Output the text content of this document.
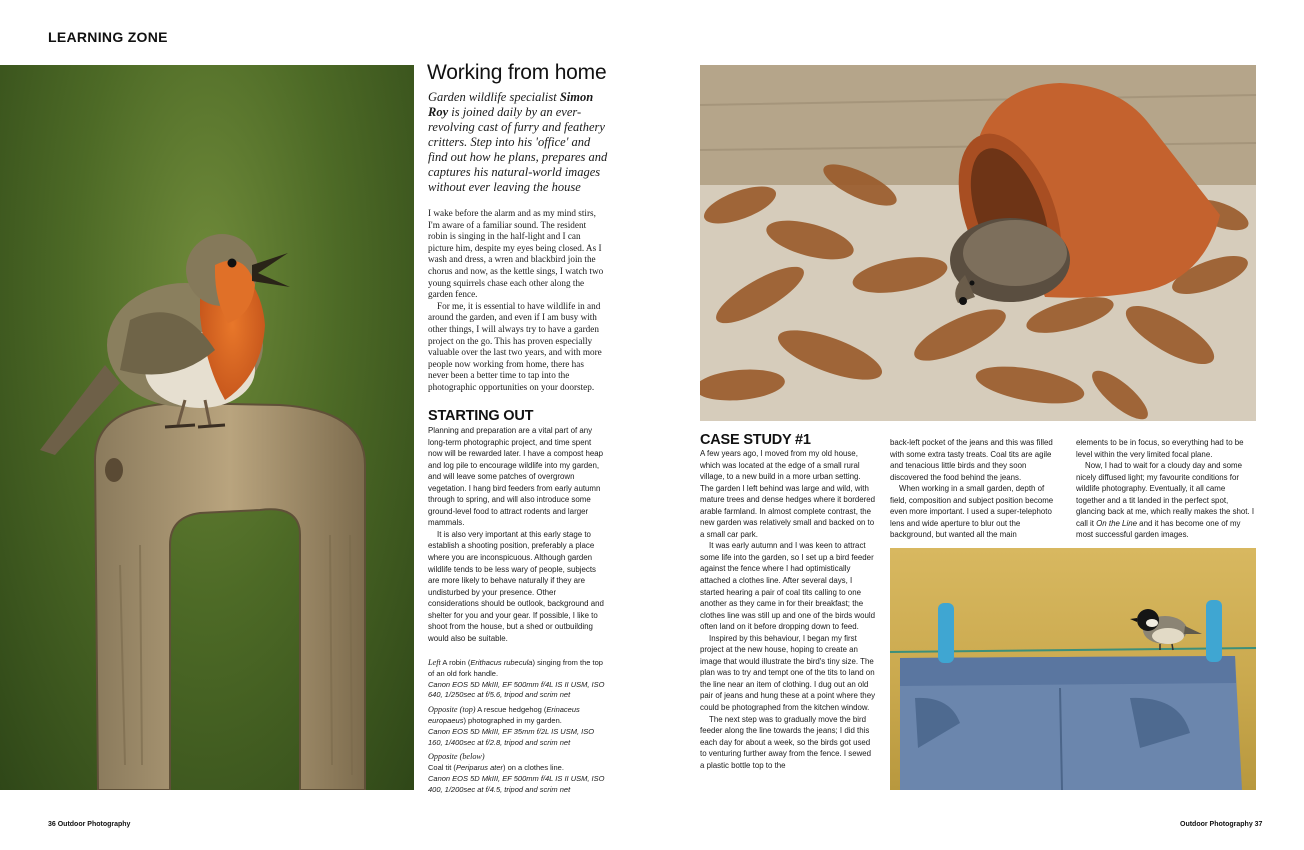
LEARNING ZONE
Working from home
Garden wildlife specialist Simon Roy is joined daily by an ever-revolving cast of furry and feathery critters. Step into his 'office' and find out how he plans, prepares and captures his natural-world images without ever leaving the house

I wake before the alarm and as my mind stirs, I'm aware of a familiar sound. The resident robin is singing in the half-light and I can picture him, despite my eyes being closed. As I wash and dress, a wren and blackbird join the chorus and now, as the kettle sings, I watch two young squirrels chase each other along the garden fence.

For me, it is essential to have wildlife in and around the garden, and even if I am busy with other things, I will always try to have a garden project on the go. This has proven especially valuable over the last two years, and with more people now working from home, there has never been a better time to tap into the photographic opportunities on your doorstep.

STARTING OUT

Planning and preparation are a vital part of any long-term photographic project, and time spent now will be rewarded later. I have a compost heap and log pile to encourage wildlife into my garden, and will leave some patches of overgrown vegetation. I hang bird feeders from early autumn through to spring, and will also introduce some ground-level food to attract rodents and larger mammals.

It is also very important at this early stage to establish a shooting position, preferably a place where you are inconspicuous. Although garden wildlife tends to be less wary of people, subjects are more likely to behave naturally if they are undisturbed by your presence. Other considerations should be outlook, background and shelter for you and your gear. If possible, I like to shoot from the house, but a shed or outbuilding would also be suitable.

Left A robin (Erithacus rubecula) singing from the top of an old fork handle.
Canon EOS 5D MkIII, EF 500mm f/4L IS II USM, ISO 640, 1/250sec at f/5.6, tripod and scrim net

Opposite (top) A rescue hedgehog (Erinaceus europaeus) photographed in my garden.
Canon EOS 5D MkIII, EF 35mm f/2L IS USM, ISO 160, 1/400sec at f/2.8, tripod and scrim net

Opposite (below)
Coal tit (Periparus ater) on a clothes line.
Canon EOS 5D MkIII, EF 500mm f/4L IS II USM, ISO 400, 1/200sec at f/4.5, tripod and scrim net

CASE STUDY #1

A few years ago, I moved from my old house, which was located at the edge of a small rural village, to a new build in a more urban setting. The garden I left behind was large and wild, with mature trees and dense hedges where it bordered arable farmland. In almost complete contrast, the new garden was relatively small and backed on to a small car park.

It was early autumn and I was keen to attract some life into the garden, so I set up a bird feeder against the fence where I had optimistically attached a clothes line. After several days, I started hearing a pair of coal tits calling to one another as they came in for their breakfast; the clothes line was still up and one of the birds would often land on it before dropping down to feed.

Inspired by this behaviour, I began my first project at the new house, hoping to create an image that would illustrate the bird's tiny size. The plan was to try and tempt one of the tits to land on the line near an item of clothing. I dug out an old pair of jeans and hung these at a point where they could be photographed from the kitchen window.

The next step was to gradually move the bird feeder along the line towards the jeans; I did this each day for about a week, so the birds got used to venturing further away from the fence. I sewed a plastic bottle top to the

back-left pocket of the jeans and this was filled with some extra tasty treats. Coal tits are agile and tenacious little birds and they soon discovered the food behind the jeans.

When working in a small garden, depth of field, composition and subject position become even more important. I used a super-telephoto lens and wide aperture to blur out the background, but wanted all the main

elements to be in focus, so everything had to be level within the very limited focal plane.

Now, I had to wait for a cloudy day and some nicely diffused light; my favourite conditions for wildlife photography. Eventually, it all came together and a tit landed in the perfect spot, glancing back at me, which really makes the shot. I call it On the Line and it has become one of my most successful garden images.

36 Outdoor Photography	Outdoor Photography 37
